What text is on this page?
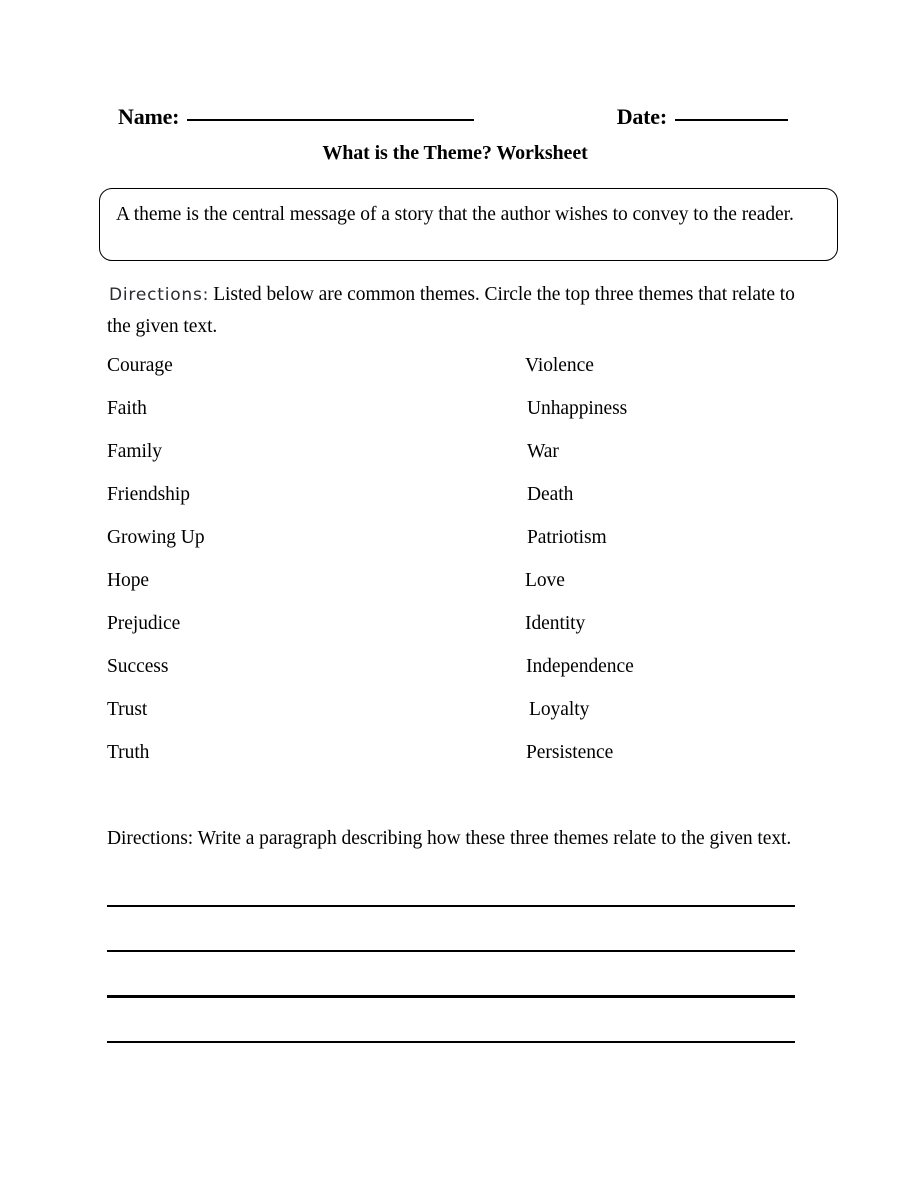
Name:	Date:
What is the Theme? Worksheet
A theme is the central message of a story that the author wishes to convey to the reader.
Directions: Listed below are common themes. Circle the top three themes that relate to the given text.
Courage
Faith
Family
Friendship
Growing Up
Hope
Prejudice
Success
Trust
Truth
Violence
Unhappiness
War
Death
Patriotism
Love
Identity
Independence
Loyalty
Persistence
Directions: Write a paragraph describing how these three themes relate to the given text.
